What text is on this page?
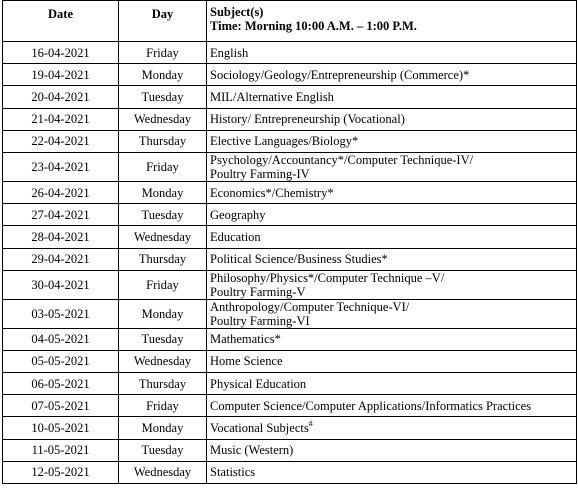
Date	Day	Subject(s)
Time: Morning 10:00 A.M. – 1:00 P.M.

16-04-2021	Friday	English
19-04-2021	Monday	Sociology/Geology/Entrepreneurship (Commerce)*
20-04-2021	Tuesday	MIL/Alternative English
21-04-2021	Wednesday	History/ Entrepreneurship (Vocational)
22-04-2021	Thursday	Elective Languages/Biology*
23-04-2021	Friday	Psychology/Accountancy*/Computer Technique-IV/
Poultry Farming-IV

26-04-2021	Monday	Economics*/Chemistry*
27-04-2021	Tuesday	Geography
28-04-2021	Wednesday	Education
29-04-2021	Thursday	Political Science/Business Studies*
30-04-2021	Friday	Philosophy/Physics*/Computer Technique –V/
Poultry Farming-V

03-05-2021	Monday	Anthropology/Computer Technique-VI/
Poultry Farming-VI

04-05-2021	Tuesday	Mathematics*
05-05-2021	Wednesday	Home Science
06-05-2021	Thursday	Physical Education
07-05-2021	Friday	Computer Science/Computer Applications/Informatics Practices
10-05-2021	Monday	Vocational Subjects#
11-05-2021	Tuesday	Music (Western)
12-05-2021	Wednesday	Statistics
